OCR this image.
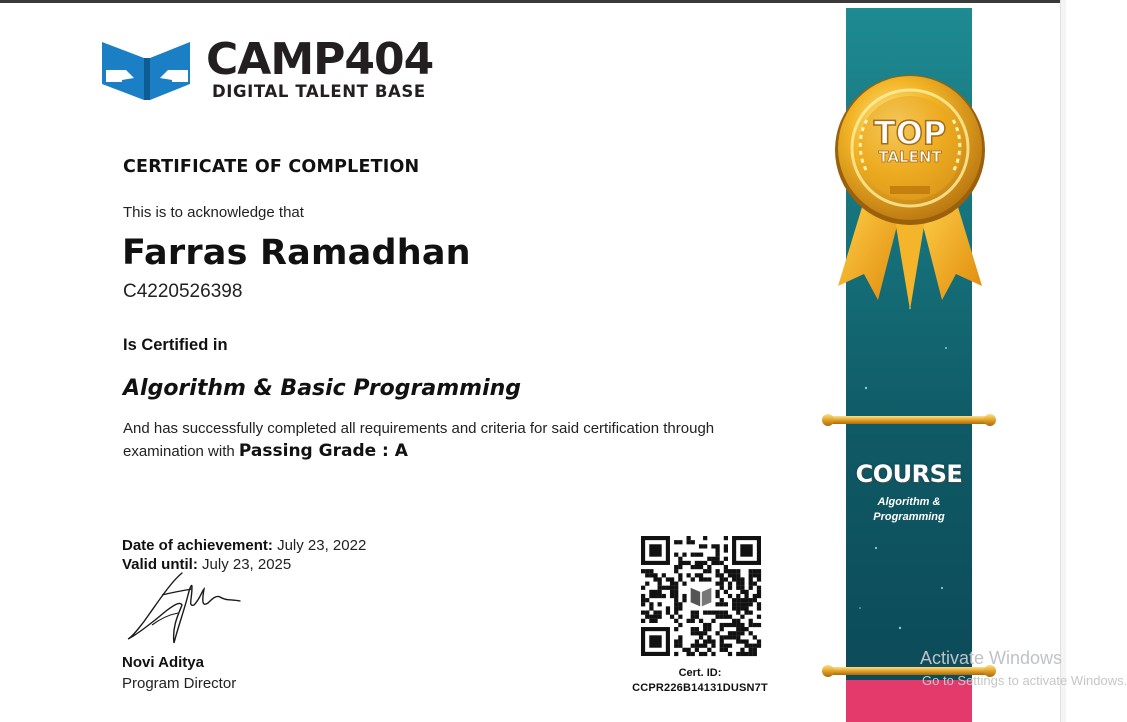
CAMP404
DIGITAL TALENT BASE
CERTIFICATE OF COMPLETION
This is to acknowledge that
Farras Ramadhan
C4220526398
Is Certified in
Algorithm & Basic Programming
And has successfully completed all requirements and criteria for said certification through examination with Passing Grade : A
Date of achievement: July 23, 2022
Valid until: July 23, 2025
Novi Aditya
Program Director
Cert. ID:
CCPR226B14131DUSN7T
COURSE
Algorithm &
Programming
TOP
TALENT
Activate Windows
Go to Settings to activate Windows.
